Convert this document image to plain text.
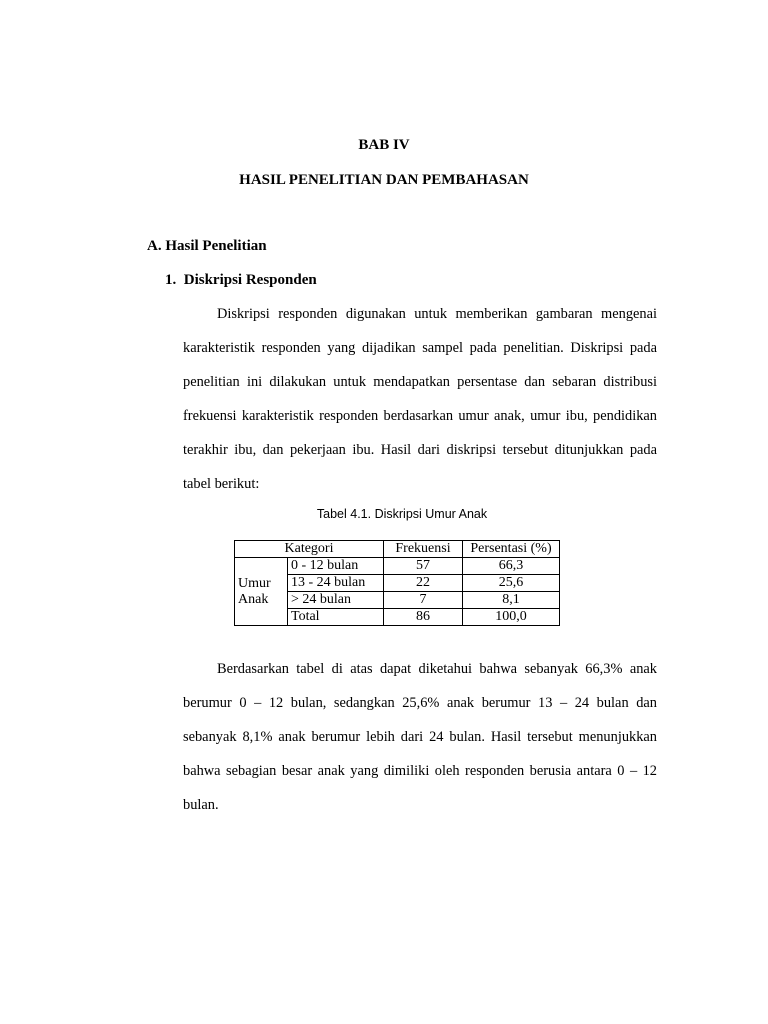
BAB IV
HASIL PENELITIAN DAN PEMBAHASAN
A. Hasil Penelitian
1.  Diskripsi Responden

Diskripsi responden digunakan untuk memberikan gambaran mengenai karakteristik responden yang dijadikan sampel pada penelitian. Diskripsi pada penelitian ini dilakukan untuk mendapatkan persentase dan sebaran distribusi frekuensi karakteristik responden berdasarkan umur anak, umur ibu, pendidikan terakhir ibu, dan pekerjaan ibu. Hasil dari diskripsi tersebut ditunjukkan pada tabel berikut:

Tabel 4.1. Diskripsi Umur Anak
Kategori		Frekuensi	Persentasi (%)
Umur
Anak	0 - 12 bulan	57	66,3
	13 - 24 bulan	22	25,6
	> 24 bulan	7	8,1
	Total	86	100,0

Berdasarkan tabel di atas dapat diketahui bahwa sebanyak 66,3% anak berumur 0 – 12 bulan, sedangkan 25,6% anak berumur 13 – 24 bulan dan sebanyak 8,1% anak berumur lebih dari 24 bulan. Hasil tersebut menunjukkan bahwa sebagian besar anak yang dimiliki oleh responden berusia antara 0 – 12 bulan.
